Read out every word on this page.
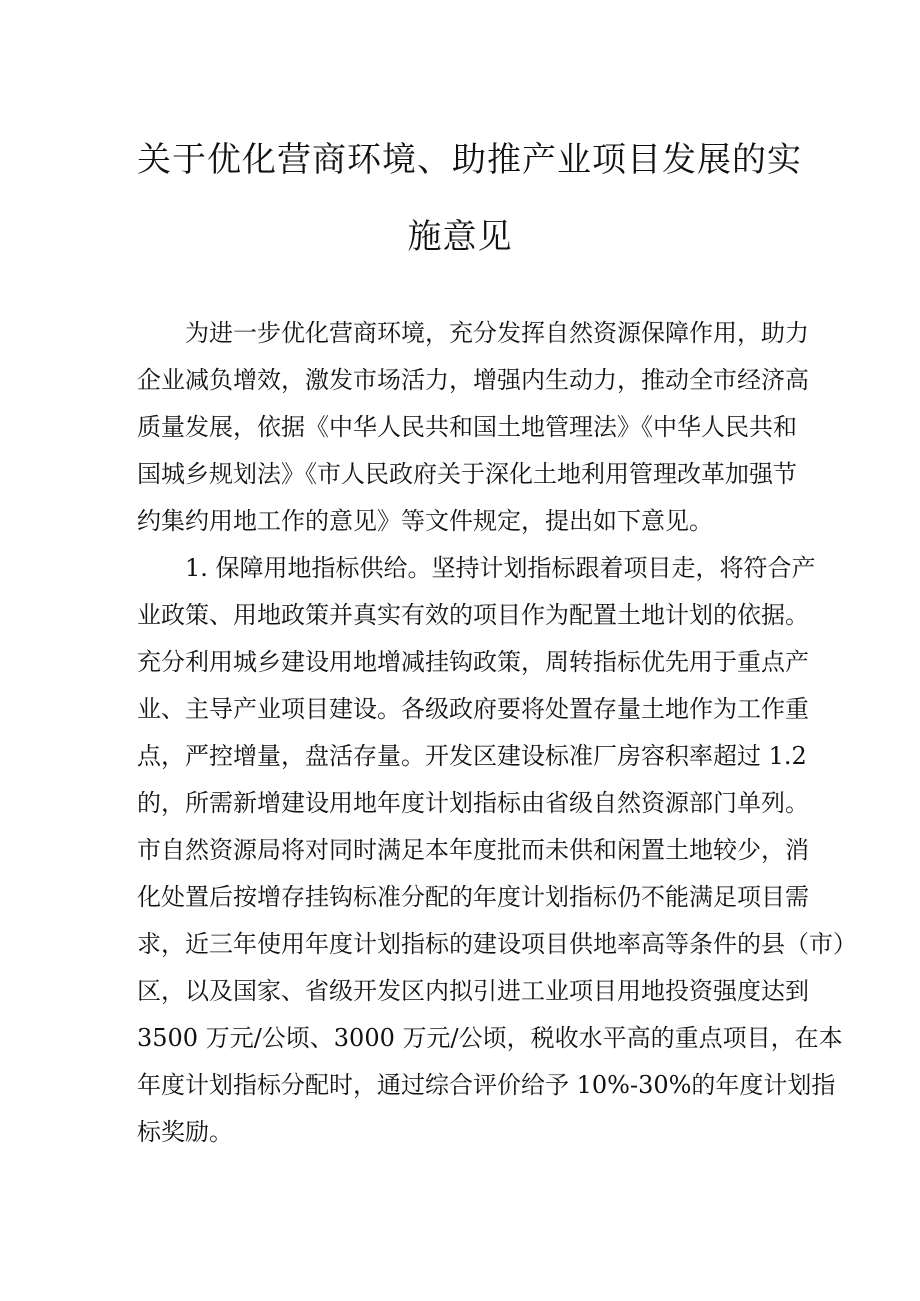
关于优化营商环境、助推产业项目发展的实
施意见
为进一步优化营商环境，充分发挥自然资源保障作用，助力
企业减负增效，激发市场活力，增强内生动力，推动全市经济高
质量发展，依据《中华人民共和国土地管理法》《中华人民共和
国城乡规划法》《市人民政府关于深化土地利用管理改革加强节
约集约用地工作的意见》等文件规定，提出如下意见。
1. 保障用地指标供给。坚持计划指标跟着项目走，将符合产
业政策、用地政策并真实有效的项目作为配置土地计划的依据。
充分利用城乡建设用地增减挂钩政策，周转指标优先用于重点产
业、主导产业项目建设。各级政府要将处置存量土地作为工作重
点，严控增量，盘活存量。开发区建设标准厂房容积率超过 1.2
的，所需新增建设用地年度计划指标由省级自然资源部门单列。
市自然资源局将对同时满足本年度批而未供和闲置土地较少，消
化处置后按增存挂钩标准分配的年度计划指标仍不能满足项目需
求，近三年使用年度计划指标的建设项目供地率高等条件的县（市）
区，以及国家、省级开发区内拟引进工业项目用地投资强度达到
3500 万元/公顷、3000 万元/公顷，税收水平高的重点项目，在本
年度计划指标分配时，通过综合评价给予 10%-30%的年度计划指
标奖励。
